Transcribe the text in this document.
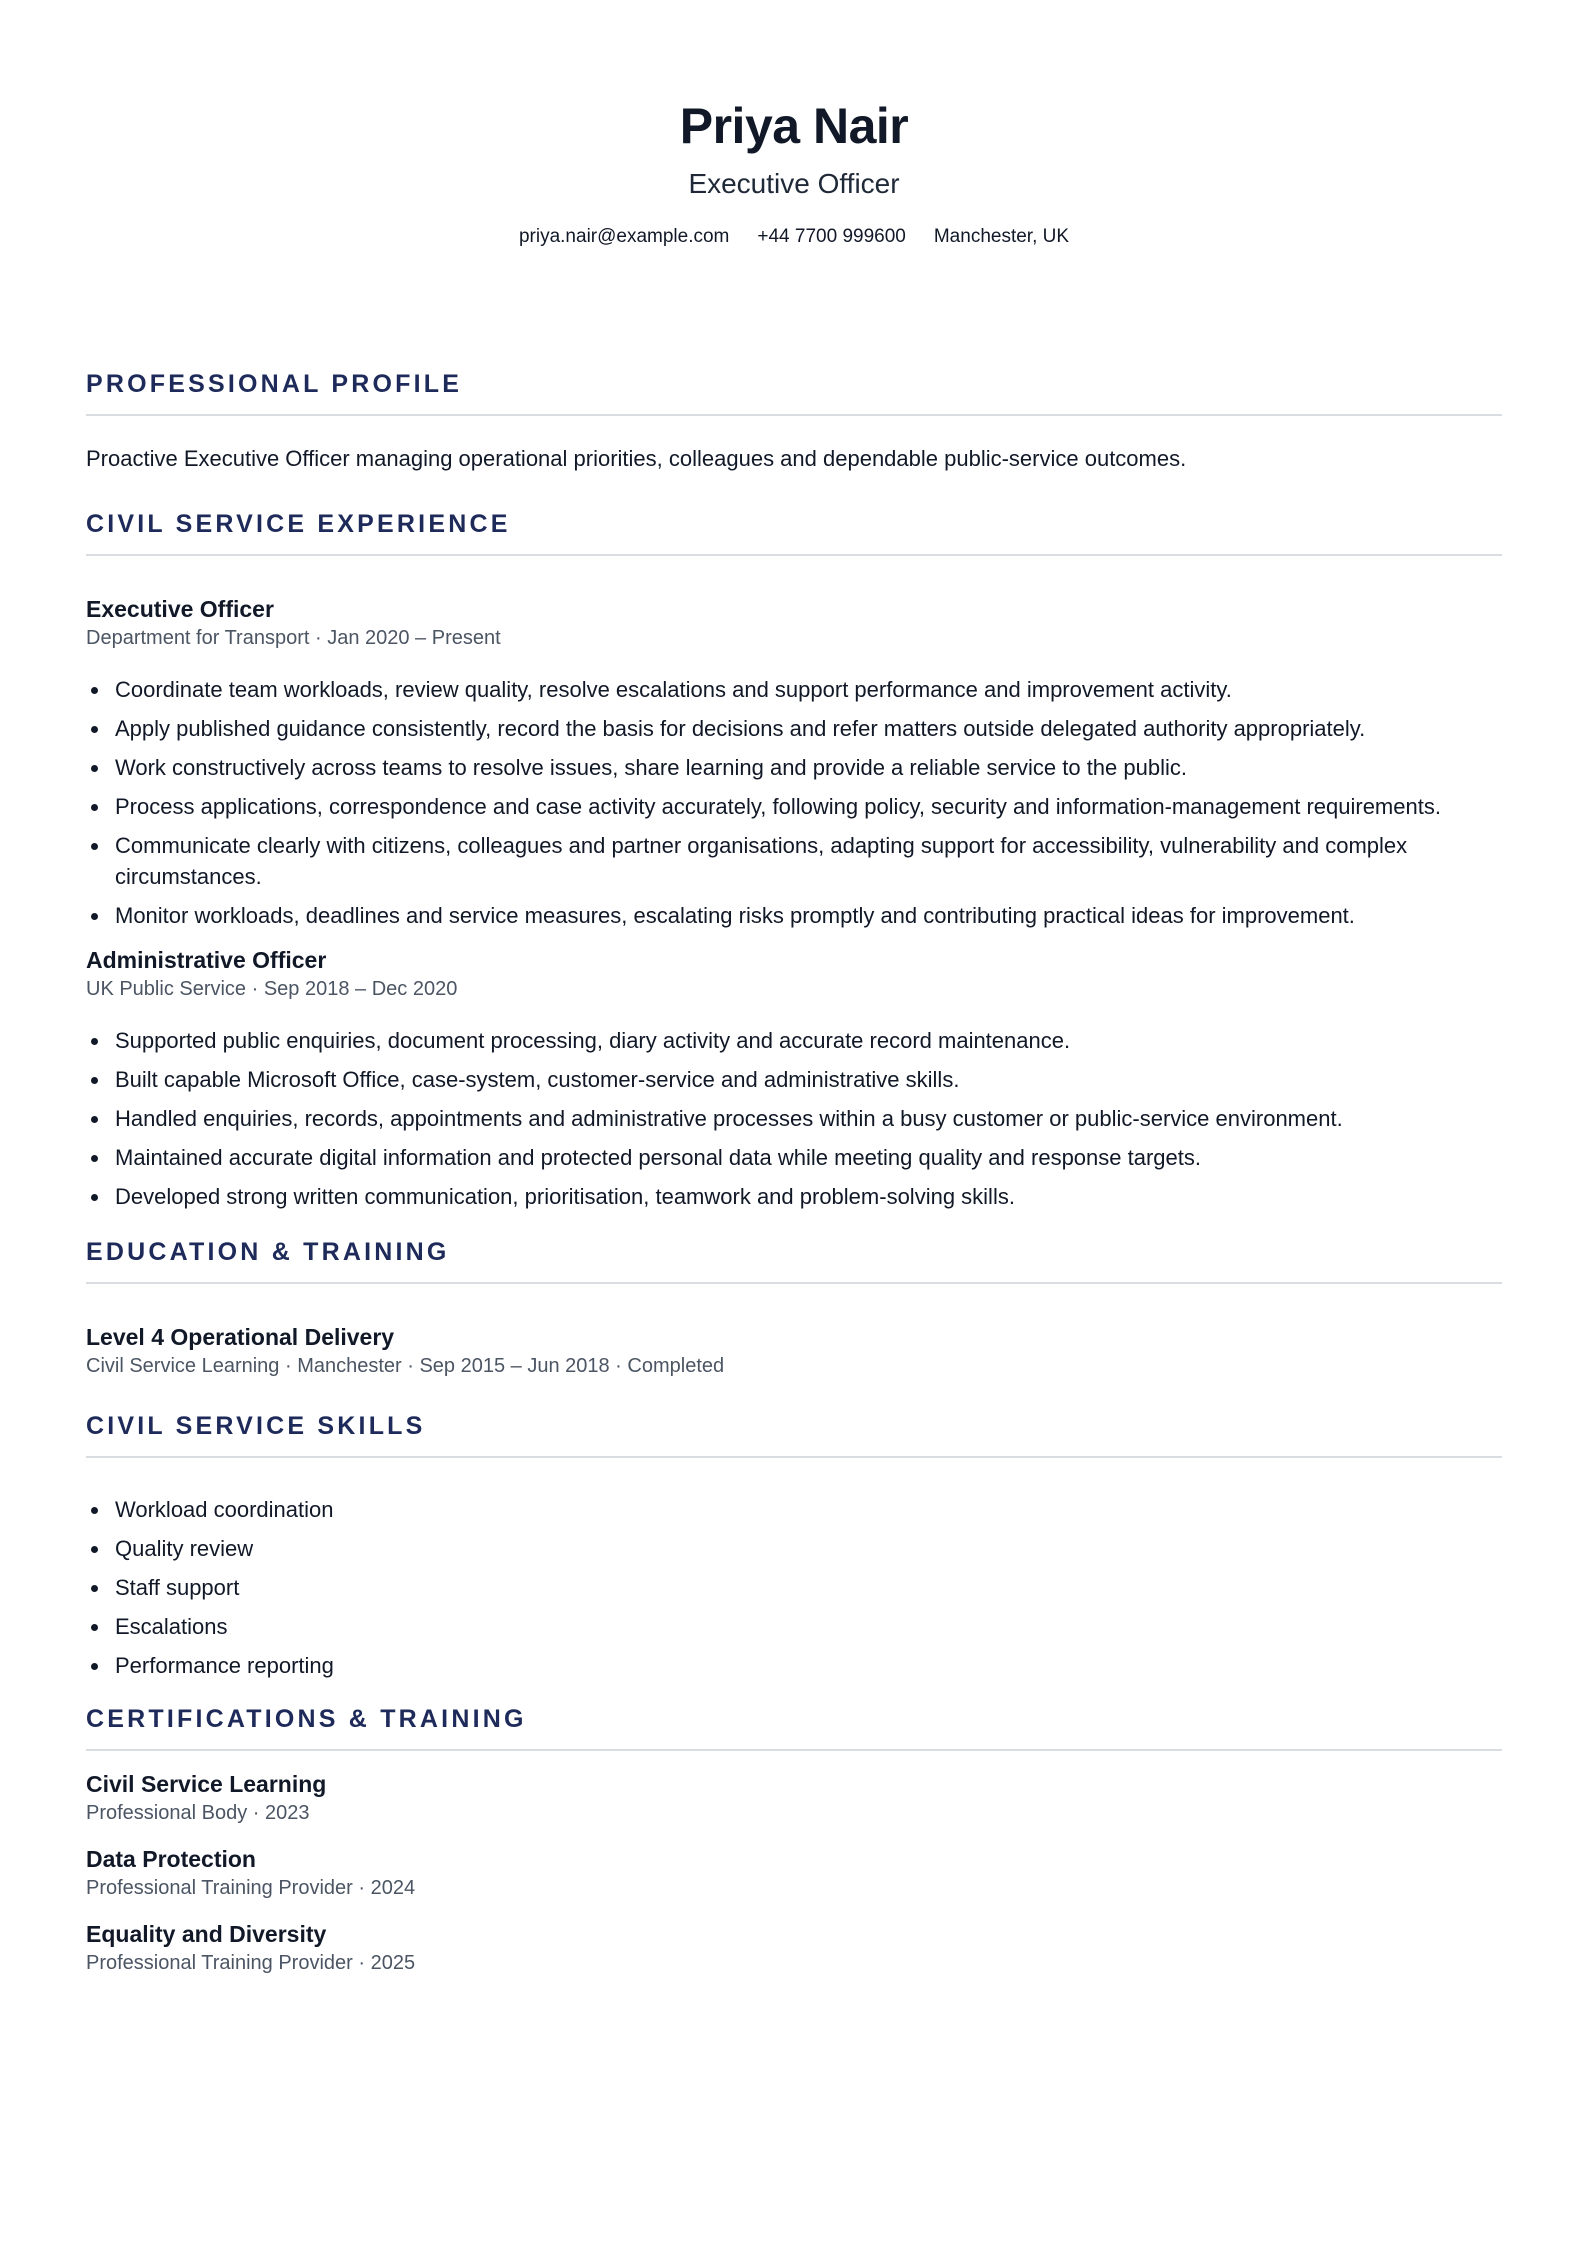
Priya Nair
Executive Officer
priya.nair@example.com +44 7700 999600 Manchester, UK
PROFESSIONAL PROFILE

Proactive Executive Officer managing operational priorities, colleagues and dependable public-service outcomes.

CIVIL SERVICE EXPERIENCE
Executive Officer
Department for Transport · Jan 2020 – Present
Coordinate team workloads, review quality, resolve escalations and support performance and improvement activity.
Apply published guidance consistently, record the basis for decisions and refer matters outside delegated authority appropriately.
Work constructively across teams to resolve issues, share learning and provide a reliable service to the public.
Process applications, correspondence and case activity accurately, following policy, security and information-management requirements.
Communicate clearly with citizens, colleagues and partner organisations, adapting support for accessibility, vulnerability and complex circumstances.
Monitor workloads, deadlines and service measures, escalating risks promptly and contributing practical ideas for improvement.
Administrative Officer
UK Public Service · Sep 2018 – Dec 2020
Supported public enquiries, document processing, diary activity and accurate record maintenance.
Built capable Microsoft Office, case-system, customer-service and administrative skills.
Handled enquiries, records, appointments and administrative processes within a busy customer or public-service environment.
Maintained accurate digital information and protected personal data while meeting quality and response targets.
Developed strong written communication, prioritisation, teamwork and problem-solving skills.
EDUCATION & TRAINING
Level 4 Operational Delivery
Civil Service Learning · Manchester · Sep 2015 – Jun 2018 · Completed
CIVIL SERVICE SKILLS
Workload coordination
Quality review
Staff support
Escalations
Performance reporting
CERTIFICATIONS & TRAINING
Civil Service Learning
Professional Body · 2023
Data Protection
Professional Training Provider · 2024
Equality and Diversity
Professional Training Provider · 2025
